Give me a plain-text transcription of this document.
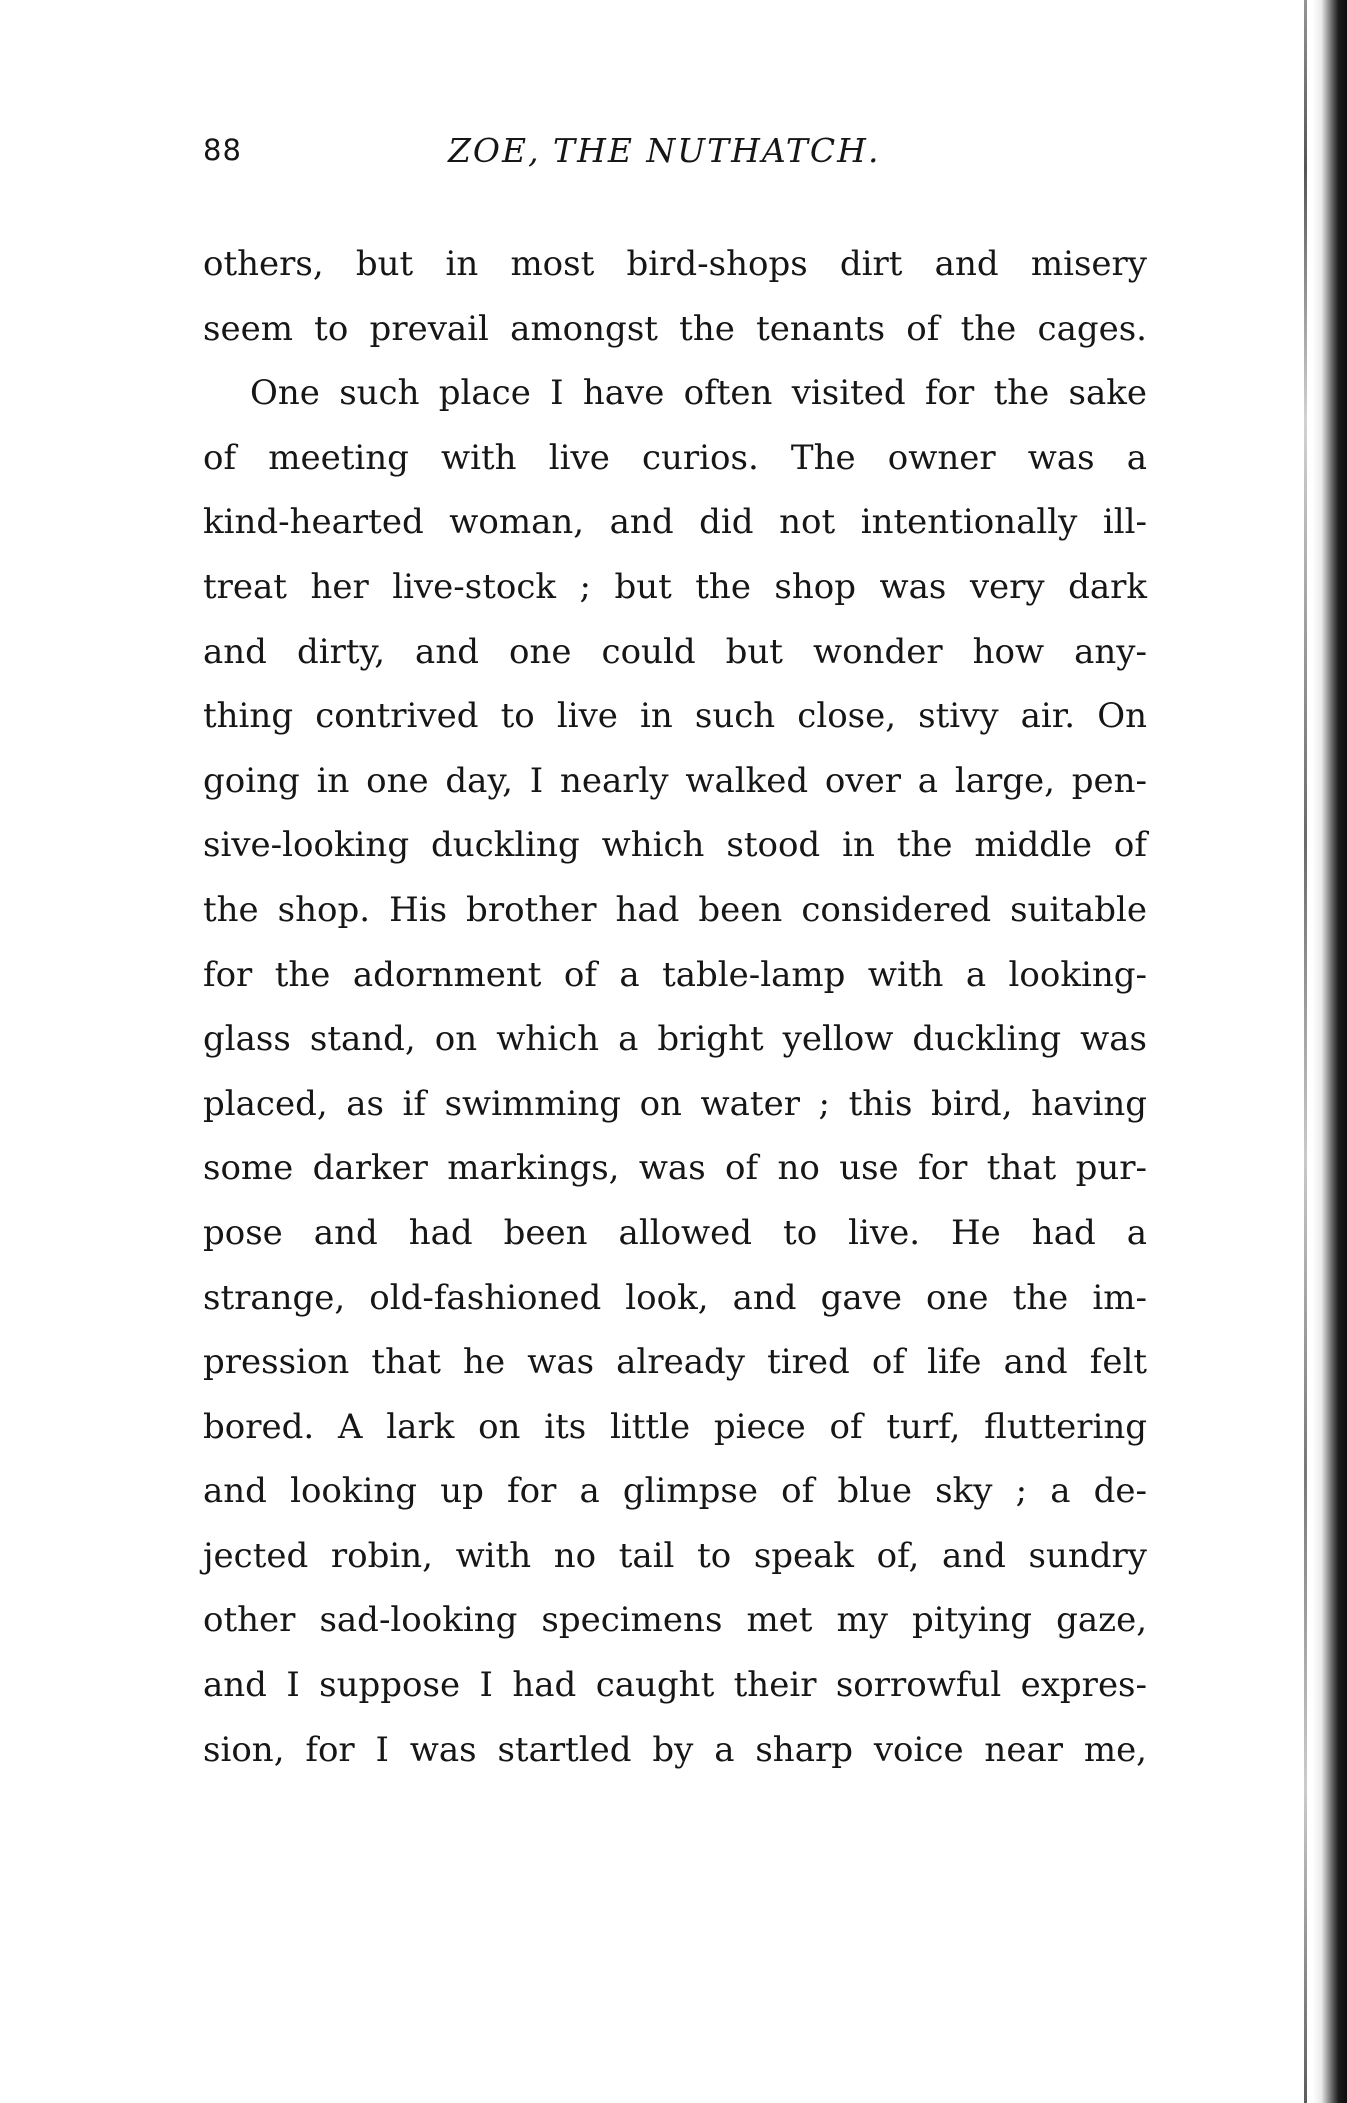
88	ZOE, THE NUTHATCH.
others, but in most bird-shops dirt and misery
seem to prevail amongst the tenants of the cages.
One such place I have often visited for the sake
of meeting with live curios. The owner was a
kind-hearted woman, and did not intentionally ill-
treat her live-stock ; but the shop was very dark
and dirty, and one could but wonder how any-
thing contrived to live in such close, stivy air. On
going in one day, I nearly walked over a large, pen-
sive-looking duckling which stood in the middle of
the shop. His brother had been considered suitable
for the adornment of a table-lamp with a looking-
glass stand, on which a bright yellow duckling was
placed, as if swimming on water ; this bird, having
some darker markings, was of no use for that pur-
pose and had been allowed to live. He had a
strange, old-fashioned look, and gave one the im-
pression that he was already tired of life and felt
bored. A lark on its little piece of turf, fluttering
and looking up for a glimpse of blue sky ; a de-
jected robin, with no tail to speak of, and sundry
other sad-looking specimens met my pitying gaze,
and I suppose I had caught their sorrowful expres-
sion, for I was startled by a sharp voice near me,
